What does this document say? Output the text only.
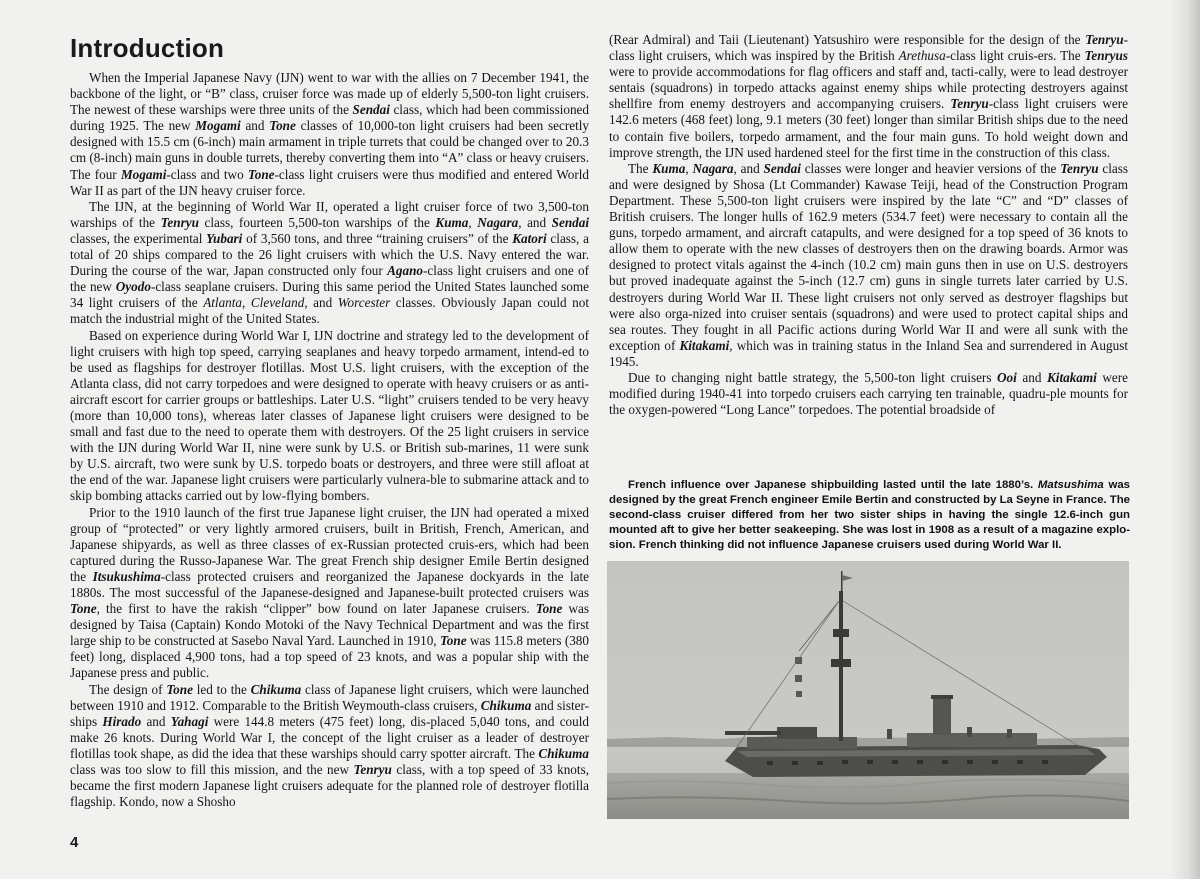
Introduction

When the Imperial Japanese Navy (IJN) went to war with the allies on 7 December 1941, the backbone of the light, or “B” class, cruiser force was made up of elderly 5,500-ton light cruisers. The newest of these warships were three units of the Sendai class, which had been commissioned during 1925. The new Mogami and Tone classes of 10,000-ton light cruisers had been secretly designed with 15.5 cm (6-inch) main armament in triple turrets that could be changed over to 20.3 cm (8-inch) main guns in double turrets, thereby converting them into “A” class or heavy cruisers. The four Mogami-class and two Tone-class light cruisers were thus modified and entered World War II as part of the IJN heavy cruiser force.

The IJN, at the beginning of World War II, operated a light cruiser force of two 3,500-ton warships of the Tenryu class, fourteen 5,500-ton warships of the Kuma, Nagara, and Sendai classes, the experimental Yubari of 3,560 tons, and three “training cruisers” of the Katori class, a total of 20 ships compared to the 26 light cruisers with which the U.S. Navy entered the war. During the course of the war, Japan constructed only four Agano-class light cruisers and one of the new Oyodo-class seaplane cruisers. During this same period the United States launched some 34 light cruisers of the Atlanta, Cleveland, and Worcester classes. Obviously Japan could not match the industrial might of the United States.

Based on experience during World War I, IJN doctrine and strategy led to the development of light cruisers with high top speed, carrying seaplanes and heavy torpedo armament, intend-ed to be used as flagships for destroyer flotillas. Most U.S. light cruisers, with the exception of the Atlanta class, did not carry torpedoes and were designed to operate with heavy cruisers or as anti-aircraft escort for carrier groups or battleships. Later U.S. “light” cruisers tended to be very heavy (more than 10,000 tons), whereas later classes of Japanese light cruisers were designed to be small and fast due to the need to operate them with destroyers. Of the 25 light cruisers in service with the IJN during World War II, nine were sunk by U.S. or British sub-marines, 11 were sunk by U.S. aircraft, two were sunk by U.S. torpedo boats or destroyers, and three were still afloat at the end of the war. Japanese light cruisers were particularly vulnera-ble to submarine attack and to skip bombing attacks carried out by low-flying bombers.

Prior to the 1910 launch of the first true Japanese light cruiser, the IJN had operated a mixed group of “protected” or very lightly armored cruisers, built in British, French, American, and Japanese shipyards, as well as three classes of ex-Russian protected cruis-ers, which had been captured during the Russo-Japanese War. The great French ship designer Emile Bertin designed the Itsukushima-class protected cruisers and reorganized the Japanese dockyards in the late 1880s. The most successful of the Japanese-designed and Japanese-built protected cruisers was Tone, the first to have the rakish “clipper” bow found on later Japanese cruisers. Tone was designed by Taisa (Captain) Kondo Motoki of the Navy Technical Department and was the first large ship to be constructed at Sasebo Naval Yard. Launched in 1910, Tone was 115.8 meters (380 feet) long, displaced 4,900 tons, had a top speed of 23 knots, and was a popular ship with the Japanese press and public.

The design of Tone led to the Chikuma class of Japanese light cruisers, which were launched between 1910 and 1912. Comparable to the British Weymouth-class cruisers, Chikuma and sister-ships Hirado and Yahagi were 144.8 meters (475 feet) long, dis-placed 5,040 tons, and could make 26 knots. During World War I, the concept of the light cruiser as a leader of destroyer flotillas took shape, as did the idea that these warships should carry spotter aircraft. The Chikuma class was too slow to fill this mission, and the new Tenryu class, with a top speed of 33 knots, became the first modern Japanese light cruisers adequate for the planned role of destroyer flotilla flagship. Kondo, now a Shosho

(Rear Admiral) and Taii (Lieutenant) Yatsushiro were responsible for the design of the Tenryu-class light cruisers, which was inspired by the British Arethusa-class light cruis-ers. The Tenryus were to provide accommodations for flag officers and staff and, tacti-cally, were to lead destroyer sentais (squadrons) in torpedo attacks against enemy ships while protecting destroyers against shellfire from enemy destroyers and accompanying cruisers. Tenryu-class light cruisers were 142.6 meters (468 feet) long, 9.1 meters (30 feet) longer than similar British ships due to the need to contain five boilers, torpedo armament, and the four main guns. To hold weight down and improve strength, the IJN used hardened steel for the first time in the construction of this class.

The Kuma, Nagara, and Sendai classes were longer and heavier versions of the Tenryu class and were designed by Shosa (Lt Commander) Kawase Teiji, head of the Construction Program Department. These 5,500-ton light cruisers were inspired by the late “C” and “D” classes of British cruisers. The longer hulls of 162.9 meters (534.7 feet) were necessary to contain all the guns, torpedo armament, and aircraft catapults, and were designed for a top speed of 36 knots to allow them to operate with the new classes of destroyers then on the drawing boards. Armor was designed to protect vitals against the 4-inch (10.2 cm) main guns then in use on U.S. destroyers but proved inadequate against the 5-inch (12.7 cm) guns in single turrets later carried by U.S. destroyers during World War II. These light cruisers not only served as destroyer flagships but were also orga-nized into cruiser sentais (squadrons) and were used to protect capital ships and sea routes. They fought in all Pacific actions during World War II and were all sunk with the exception of Kitakami, which was in training status in the Inland Sea and surrendered in August 1945.

Due to changing night battle strategy, the 5,500-ton light cruisers Ooi and Kitakami were modified during 1940-41 into torpedo cruisers each carrying ten trainable, quadru-ple mounts for the oxygen-powered “Long Lance” torpedoes. The potential broadside of

French influence over Japanese shipbuilding lasted until the late 1880’s. Matsushima was designed by the great French engineer Emile Bertin and constructed by La Seyne in France. The second-class cruiser differed from her two sister ships in having the single 12.6-inch gun mounted aft to give her better seakeeping. She was lost in 1908 as a result of a magazine explo-sion. French thinking did not influence Japanese cruisers used during World War II.

4
